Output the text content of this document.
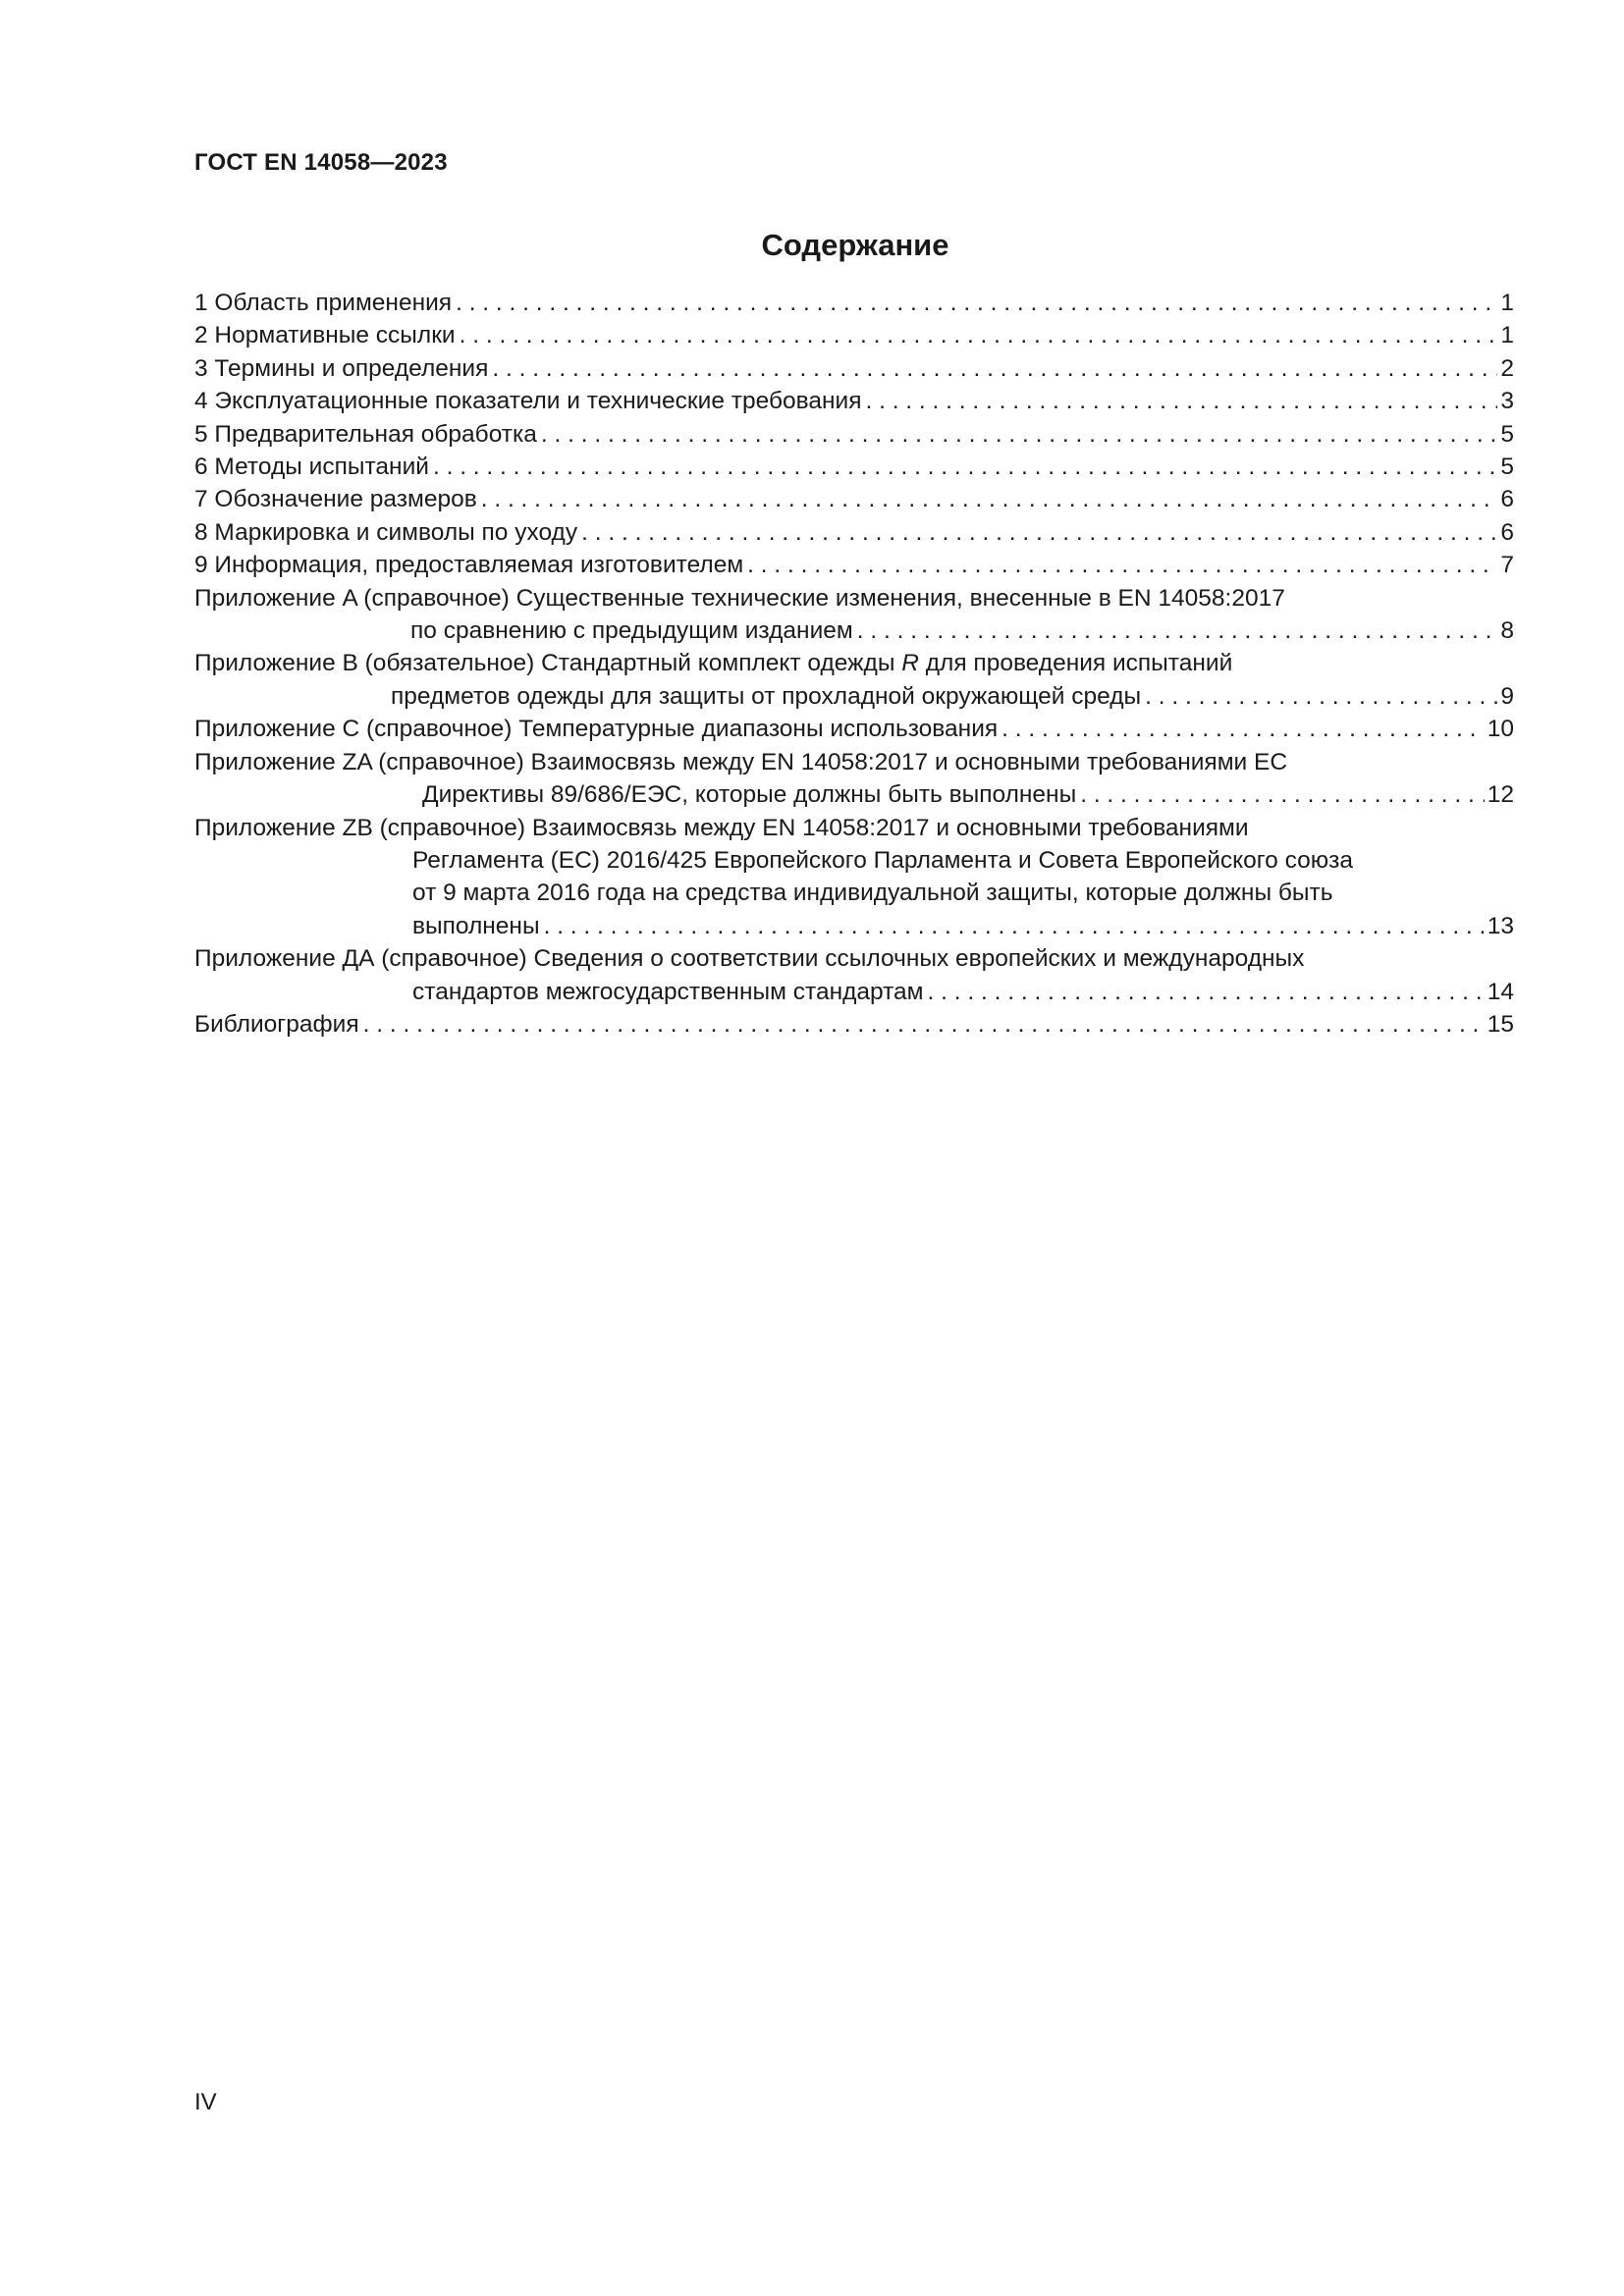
ГОСТ EN 14058—2023
Содержание
1 Область применения . . .	1
2 Нормативные ссылки . . .	1
3 Термины и определения . . .	2
4 Эксплуатационные показатели и технические требования . . .	3
5 Предварительная обработка . . .	5
6 Методы испытаний . . .	5
7 Обозначение размеров . . .	6
8 Маркировка и символы по уходу . . .	6
9 Информация, предоставляемая изготовителем . . .	7
Приложение A (справочное) Существенные технические изменения, внесенные в EN 14058:2017
по сравнению с предыдущим изданием . . .	8
Приложение B (обязательное) Стандартный комплект одежды R для проведения испытаний
предметов одежды для защиты от прохладной окружающей среды . . .	9
Приложение C (справочное) Температурные диапазоны использования . . .	10
Приложение ZA (справочное) Взаимосвязь между EN 14058:2017 и основными требованиями ЕС
Директивы 89/686/ЕЭС, которые должны быть выполнены . . .	12
Приложение ZB (справочное) Взаимосвязь между EN 14058:2017 и основными требованиями
Регламента (ЕС) 2016/425 Европейского Парламента и Совета Европейского союза
от 9 марта 2016 года на средства индивидуальной защиты, которые должны быть
выполнены . . .	13
Приложение ДА (справочное) Сведения о соответствии ссылочных европейских и международных
стандартов межгосударственным стандартам . . .	14
Библиография . . .	15
IV
